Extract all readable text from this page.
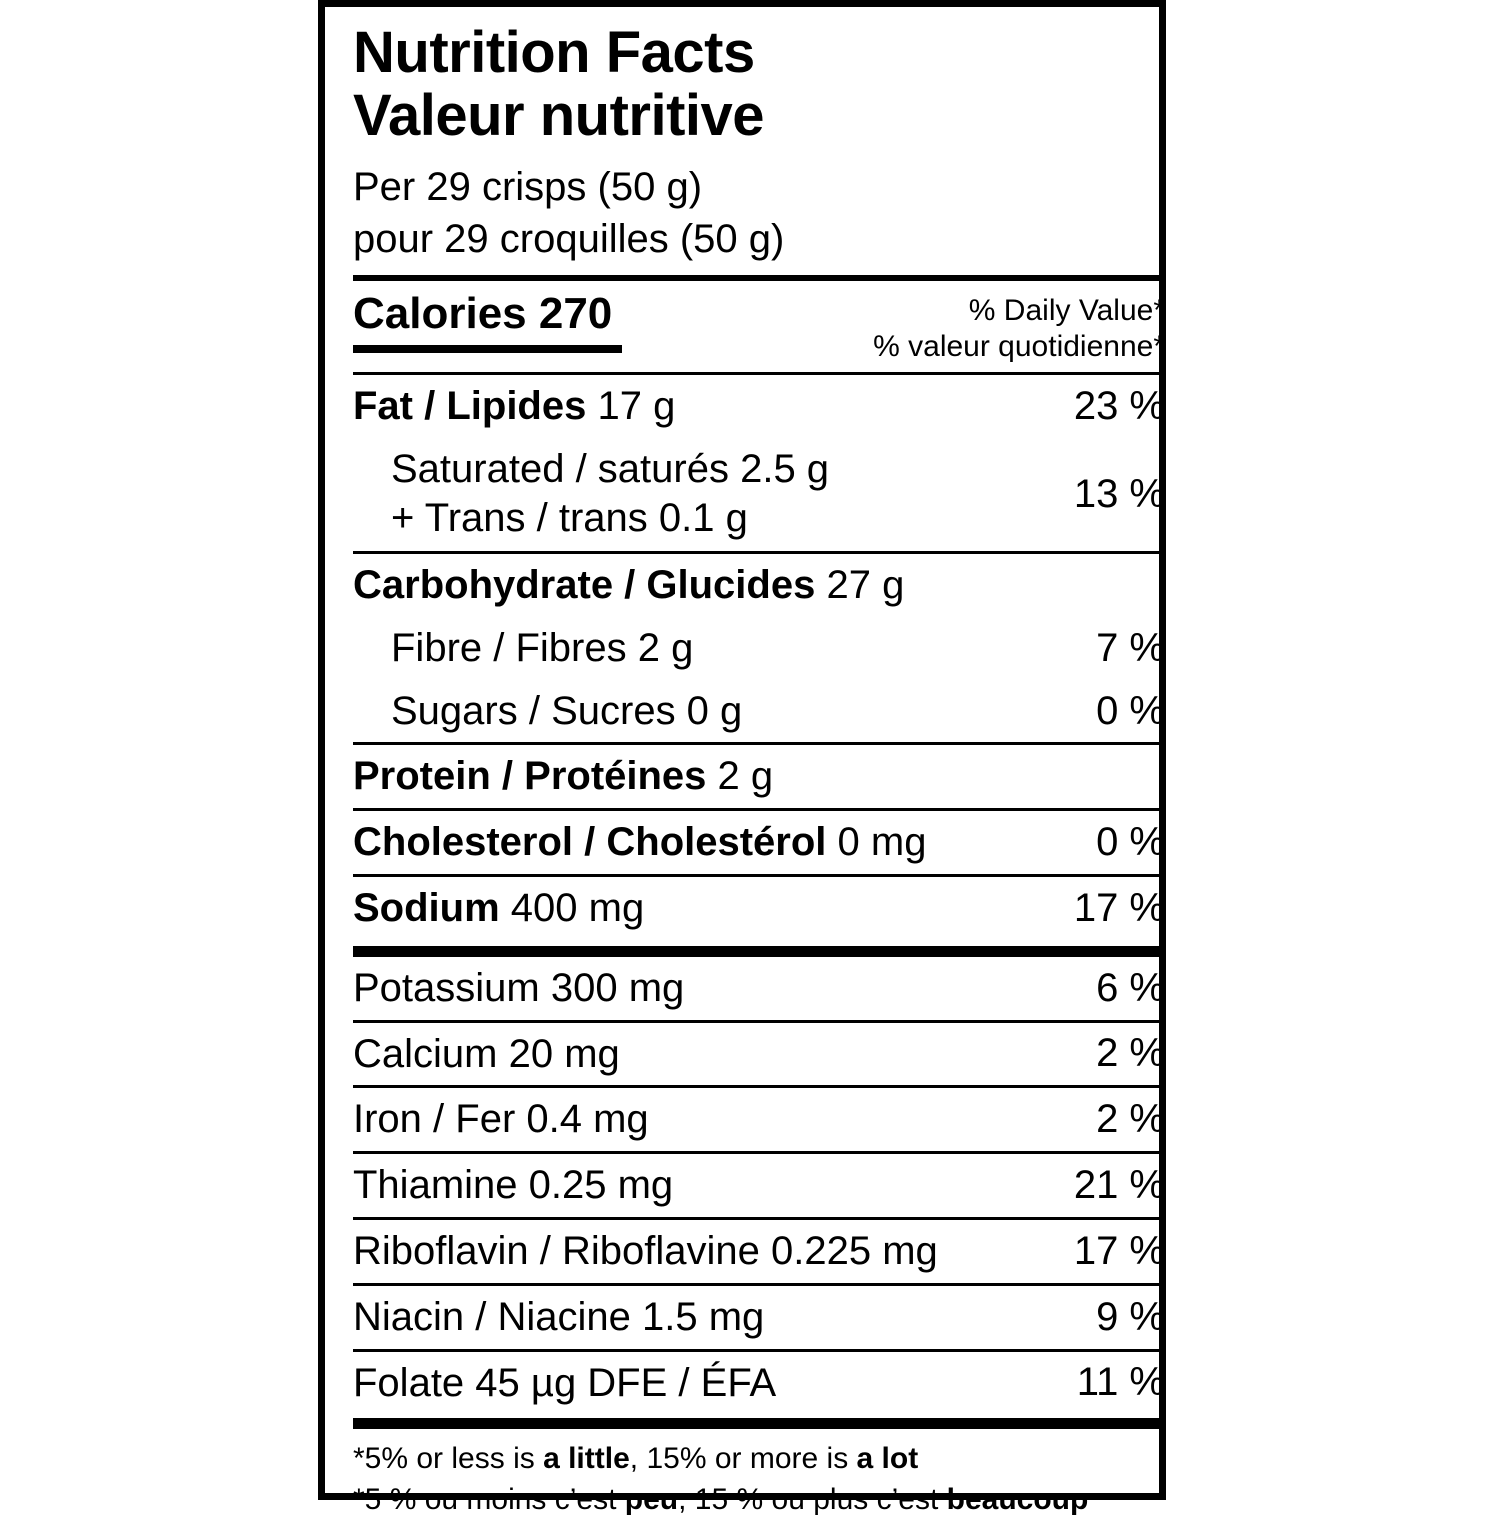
Nutrition Facts
Valeur nutritive
Per 29 crisps (50 g)
pour 29 croquilles (50 g)
Calories 270	% Daily Value*
% valeur quotidienne*
Fat / Lipides 17 g	23 %
Saturated / saturés 2.5 g
+ Trans / trans 0.1 g
13 %
Carbohydrate / Glucides 27 g
Fibre / Fibres 2 g	7 %
Sugars / Sucres 0 g	0 %
Protein / Protéines 2 g
Cholesterol / Cholestérol 0 mg	0 %
Sodium 400 mg	17 %
Potassium 300 mg	6 %
Calcium 20 mg	2 %
Iron / Fer 0.4 mg	2 %
Thiamine 0.25 mg	21 %
Riboflavin / Riboflavine 0.225 mg	17 %
Niacin / Niacine 1.5 mg	9 %
Folate 45 µg DFE / ÉFA	11 %
*5% or less is a little, 15% or more is a lot
*5 % ou moins c’est peu, 15 % ou plus c’est beaucoup
